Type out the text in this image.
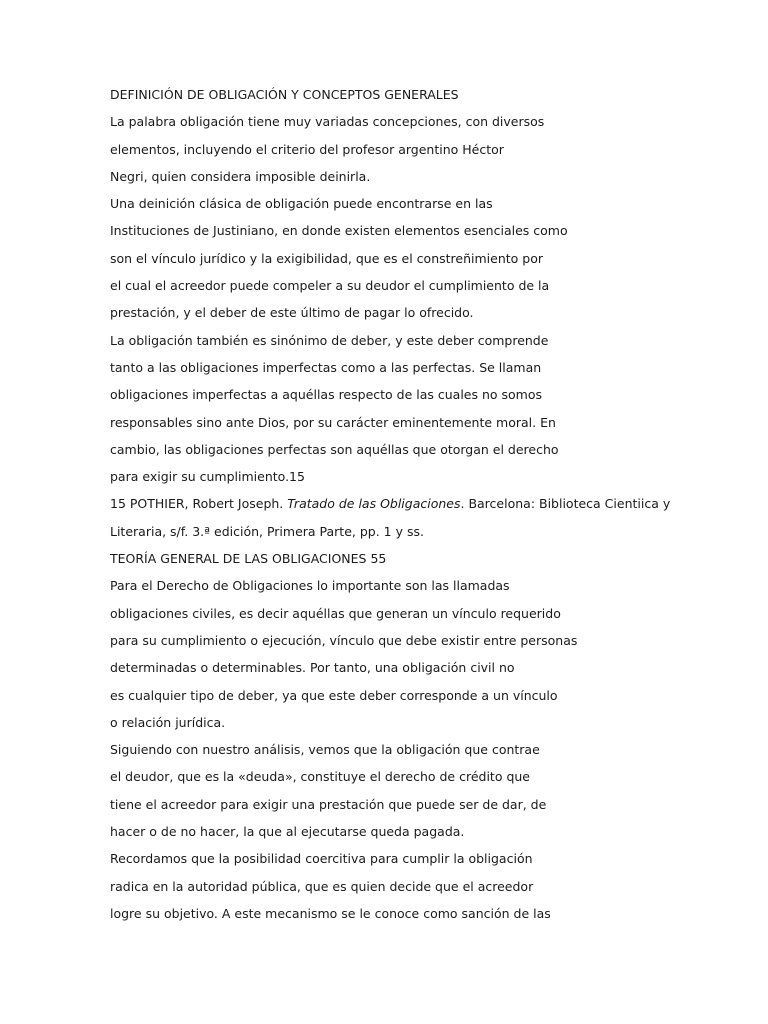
DEFINICIÓN DE OBLIGACIÓN Y CONCEPTOS GENERALES
La palabra obligación tiene muy variadas concepciones, con diversos
elementos, incluyendo el criterio del profesor argentino Héctor
Negri, quien considera imposible deinirla.
Una deinición clásica de obligación puede encontrarse en las
Instituciones de Justiniano, en donde existen elementos esenciales como
son el vínculo jurídico y la exigibilidad, que es el constreñimiento por
el cual el acreedor puede compeler a su deudor el cumplimiento de la
prestación, y el deber de este último de pagar lo ofrecido.
La obligación también es sinónimo de deber, y este deber comprende
tanto a las obligaciones imperfectas como a las perfectas. Se llaman
obligaciones imperfectas a aquéllas respecto de las cuales no somos
responsables sino ante Dios, por su carácter eminentemente moral. En
cambio, las obligaciones perfectas son aquéllas que otorgan el derecho
para exigir su cumplimiento.15
15 POTHIER, Robert Joseph. Tratado de las Obligaciones. Barcelona: Biblioteca Cientiica y
Literaria, s/f. 3.ª edición, Primera Parte, pp. 1 y ss.
TEORÍA GENERAL DE LAS OBLIGACIONES 55
Para el Derecho de Obligaciones lo importante son las llamadas
obligaciones civiles, es decir aquéllas que generan un vínculo requerido
para su cumplimiento o ejecución, vínculo que debe existir entre personas
determinadas o determinables. Por tanto, una obligación civil no
es cualquier tipo de deber, ya que este deber corresponde a un vínculo
o relación jurídica.
Siguiendo con nuestro análisis, vemos que la obligación que contrae
el deudor, que es la «deuda», constituye el derecho de crédito que
tiene el acreedor para exigir una prestación que puede ser de dar, de
hacer o de no hacer, la que al ejecutarse queda pagada.
Recordamos que la posibilidad coercitiva para cumplir la obligación
radica en la autoridad pública, que es quien decide que el acreedor
logre su objetivo. A este mecanismo se le conoce como sanción de las
